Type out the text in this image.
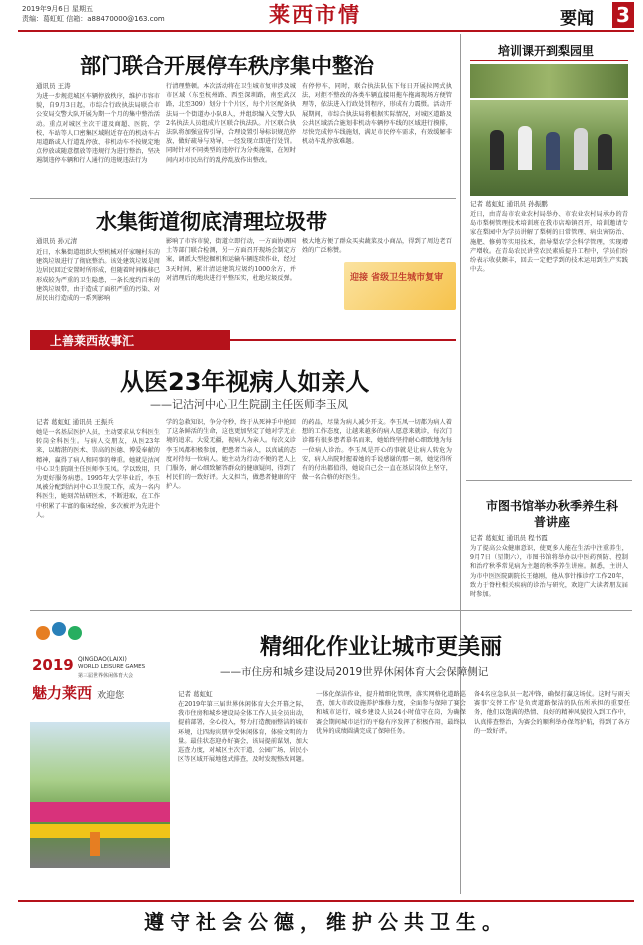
2019年9月6日 星期五
责编：葛虹虹 信箱：a88470000@163.com	莱西市情	要闻 3
部门联合开展停车秩序集中整治
通讯员 王涛
为进一步规范城区车辆停放秩序，维护市容市貌，自9月3日起，市综合行政执法局联合市公安局交警大队开展为期一个月的集中整治活动。重点对城区主次干道及商超、医院、学校、车站等人口密集区域附近存在的机动车占用道路或人行道乱停放、非机动车不按规定地点停放或随意摆放等违规行为进行整治，坚决遏制违停车辆和行人通行的违规违法行为
行清理整顿。本次活动将在卫生城市复审涉及城市区域（东至杭州路、西至深圳路，南至武汉路，北至309）划分十个片区，每个片区配备执法局一个街道办小队8人，并组织编入交警大队2名执法人员组成片区联合执法队。片区联合执法队将加强宣传引导，合理设置引导标识规范停放，做好疏导与劝导，一经发现立即进行处罚。同时针对不同类型的违停行为分类施策，在短时间内对市民出行的乱停乱放作出整改。
有停停车，同时，联合执法队伍下每日开展拉网式执法，对拒不整改的各类车辆直接用拖车拖离现场方便管理等，依法进入行政处罚程序，形成有力震慑。活动开展期间，市综合执法局将根据实际情况，对城区道路及公共区域活合施划非机动车辆停车线的区域进行摸排，尽快完成停车线施划，满足市民停车需求，有效缓解非机动车乱停放难题。
水集街道彻底清理垃圾带
通讯员 孙元清
近日，水集街道组织大型机械对仟家疃村东的建筑垃圾进行了彻底整治。该处建筑垃圾是周边居民回迁安置时所形成，但随着时间推移已形成较为严重的卫生隐患，一条长度约百米的建筑垃圾带，由于造成了面积严重的污染、对居民出行造成的一系列影响
影响了市容市貌，街道立即行动，一方面协调国土等部门联合检测，另一方面召开现场会制定方案，调派大型挖掘机和运输车辆连续作业，经过3天时间，累计清运建筑垃圾约1000余方，并对清理后的地块进行平整压实，杜绝垃圾反弹。
极大地方便了群众买卖蔬菜及小商品，得到了周边老百姓的广泛称赞。
迎接 省级卫生城市复审
上善莱西故事汇
从医23年视病人如亲人
——记沽河中心卫生院副主任医师李玉凤
记者 葛虹虹 通讯员 王振兵
她是一名基层医护人员，主动要求从专科医生转岗全科医生。与病人交朋友，从医23年来，以精湛的医术、崇高的医德、博爱奉献的精神，赢得了病人和同事的尊重。她就是沽河中心卫生院副主任医师李玉凤。学以致用，只为更好服务病患。1995年大学毕业后，李玉凤被分配到沽河中心卫生院工作，成为一名内科医生，她刻苦钻研医术，不断进取，在工作中积累了丰富的临床经验，多次被评为先进个人。
学的急救知识，争分夺秒，终于从死神手中抢回了这条鲜活的生命，这也更加坚定了她对学无止境的追求。大爱无疆，视病人为亲人。每次义诊李玉凤都积极参加，把患者当亲人，以真诚的态度对待每一位病人。她主动为行动不便的老人上门服务，耐心细致解答群众的健康疑问，得到了村民们的一致好评。大义担当，做患者健康的守护人。
的药品，尽量为病人减少开支。李玉凤一切都为病人着想的工作态度，让越来越多的病人愿意来就诊，每次门诊都有很多患者慕名而来，她始终坚持耐心细致地为每一位病人诊治。李玉凤是开心的事就是让病人转危为安，病人出院时握着她的手说感谢的那一刻，她觉得所有的付出都值得，她说自己会一直在基层岗位上坚守，做一名合格的好医生。
培训课开到梨园里
记者 葛虹虹 通讯员 孙振鹏
近日，由青岛市农业农村局举办、市农业农村局承办的青岛市梨树管理技术培训班在我市店埠镇召开，培训邀请专家在梨园中为学员讲解了梨树的日常管理、病虫害防治、施肥、修剪等实用技术，指导梨农学会科学管理，实现增产增收。在青岛农民讲堂农民素质提升工程中，学员们纷纷表示收获颇丰，回去一定把学到的技术运用到生产实践中去。
市图书馆举办秋季养生科普讲座
记者 葛虹虹 通讯员 程书霞
为了提高公众健康意识，使更多人能在生活中注重养生，9月7日（星期六），市图书馆将举办以中医药预防、控制和治疗秋季常见病为主题的秋季养生讲座。据悉，主讲人为市中医医院副院长王德刚，他从事针推诊疗工作20年，致力于脊柱相关疾病的诊治与研究，欢迎广大读者朋友届时参加。
2019 QINGDAO(LAIXI)
WORLD LEISURE GAMES
第三届世界休闲体育大会
魅力莱西 欢迎您
精细化作业让城市更美丽
——市住房和城乡建设局2019世界休闲体育大会保障侧记
记者 葛虹虹
在2019年第三届世界休闲体育大会开幕之际，我市住房和城乡建设局全体工作人员全员出动，提前部署，全心投入，努力打造靓丽整洁的城市环境，让四海宾朋享受休闲体育，体验文明的力量。最佳状态迎办好赛会，该局提前谋划，加大巡查力度，对城区主次干道、公园广场、居民小区等区域开展地毯式排查，及时发现整改问题。
一体化保洁作业，提升精细化管理，落实网格化道路巡查，加大市政设施养护维修力度，全面参与保障了赛会和城市运行，城乡建设人员24小时值守在岗，为确保赛会期间城市运行的平稳有序发挥了积极作用，最终以优异的成绩圆满完成了保障任务。
备4名应急队员一起冲锋，确保打赢这场仗。这时与雨天赛事'交替工作'是负责道路保洁的队伍所承担的重要任务，他们以饱满的热情、良好的精神风貌投入到工作中，认真排查整治，为赛会的顺利举办保驾护航，得到了各方的一致好评。
遵守社会公德，维护公共卫生。
